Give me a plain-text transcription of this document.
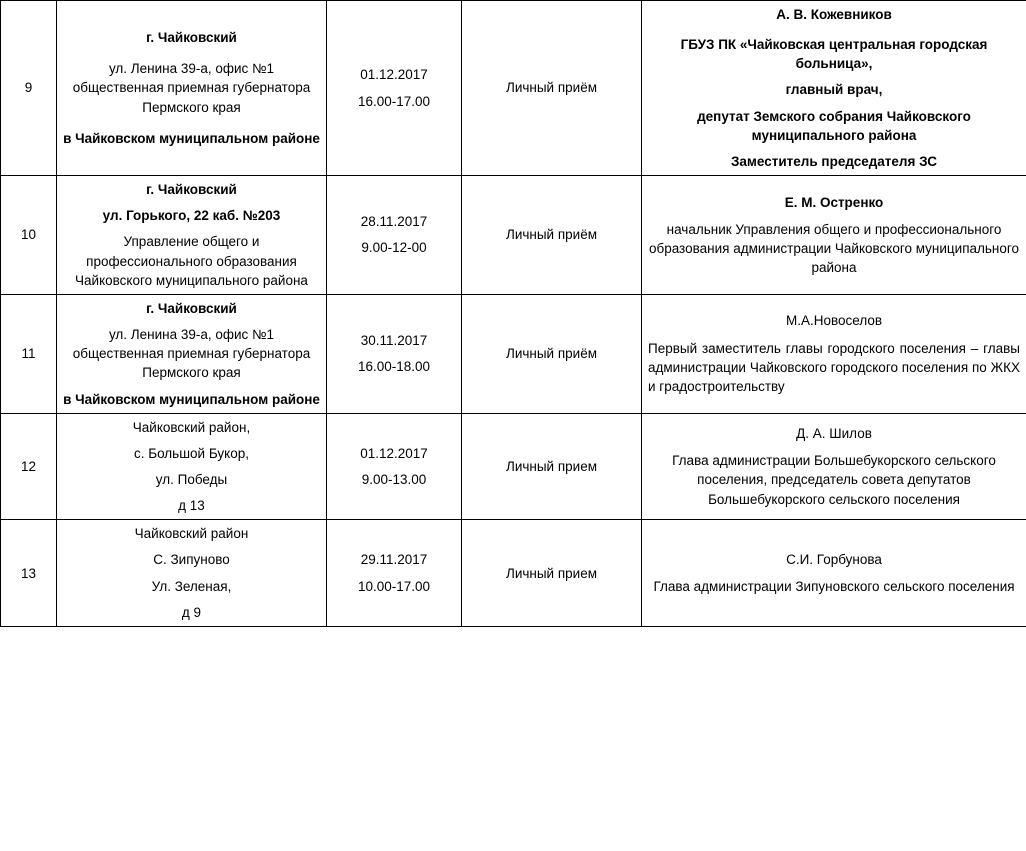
9	г. Чайковский
ул. Ленина 39-а, офис №1 общественная приемная губернатора Пермского края
в Чайковском муниципальном районе	01.12.2017
16.00-17.00	Личный приём	А. В. Кожевников
ГБУЗ ПК «Чайковская центральная городская больница»,
главный врач,
депутат Земского собрания Чайковского муниципального района
Заместитель председателя ЗС

10	г. Чайковский
ул. Горького, 22 каб. №203
Управление общего и профессионального образования Чайковского муниципального района	28.11.2017
9.00-12-00	Личный приём	Е. М. Остренко
начальник Управления общего и профессионального образования администрации Чайковского муниципального района

11	г. Чайковский
ул. Ленина 39-а, офис №1 общественная приемная губернатора Пермского края
в Чайковском муниципальном районе	30.11.2017
16.00-18.00	Личный приём	М.А.Новоселов
Первый заместитель главы городского поселения – главы администрации Чайковского городского поселения по ЖКХ и градостроительству

12	Чайковский район,
с. Большой Букор,
ул. Победы
д 13	01.12.2017
9.00-13.00	Личный прием	Д. А. Шилов
Глава администрации Большебукорского сельского поселения, председатель совета депутатов Большебукорского сельского поселения

13	Чайковский район
С. Зипуново
Ул. Зеленая,
д 9	29.11.2017
10.00-17.00	Личный прием	С.И. Горбунова
Глава администрации Зипуновского сельского поселения
